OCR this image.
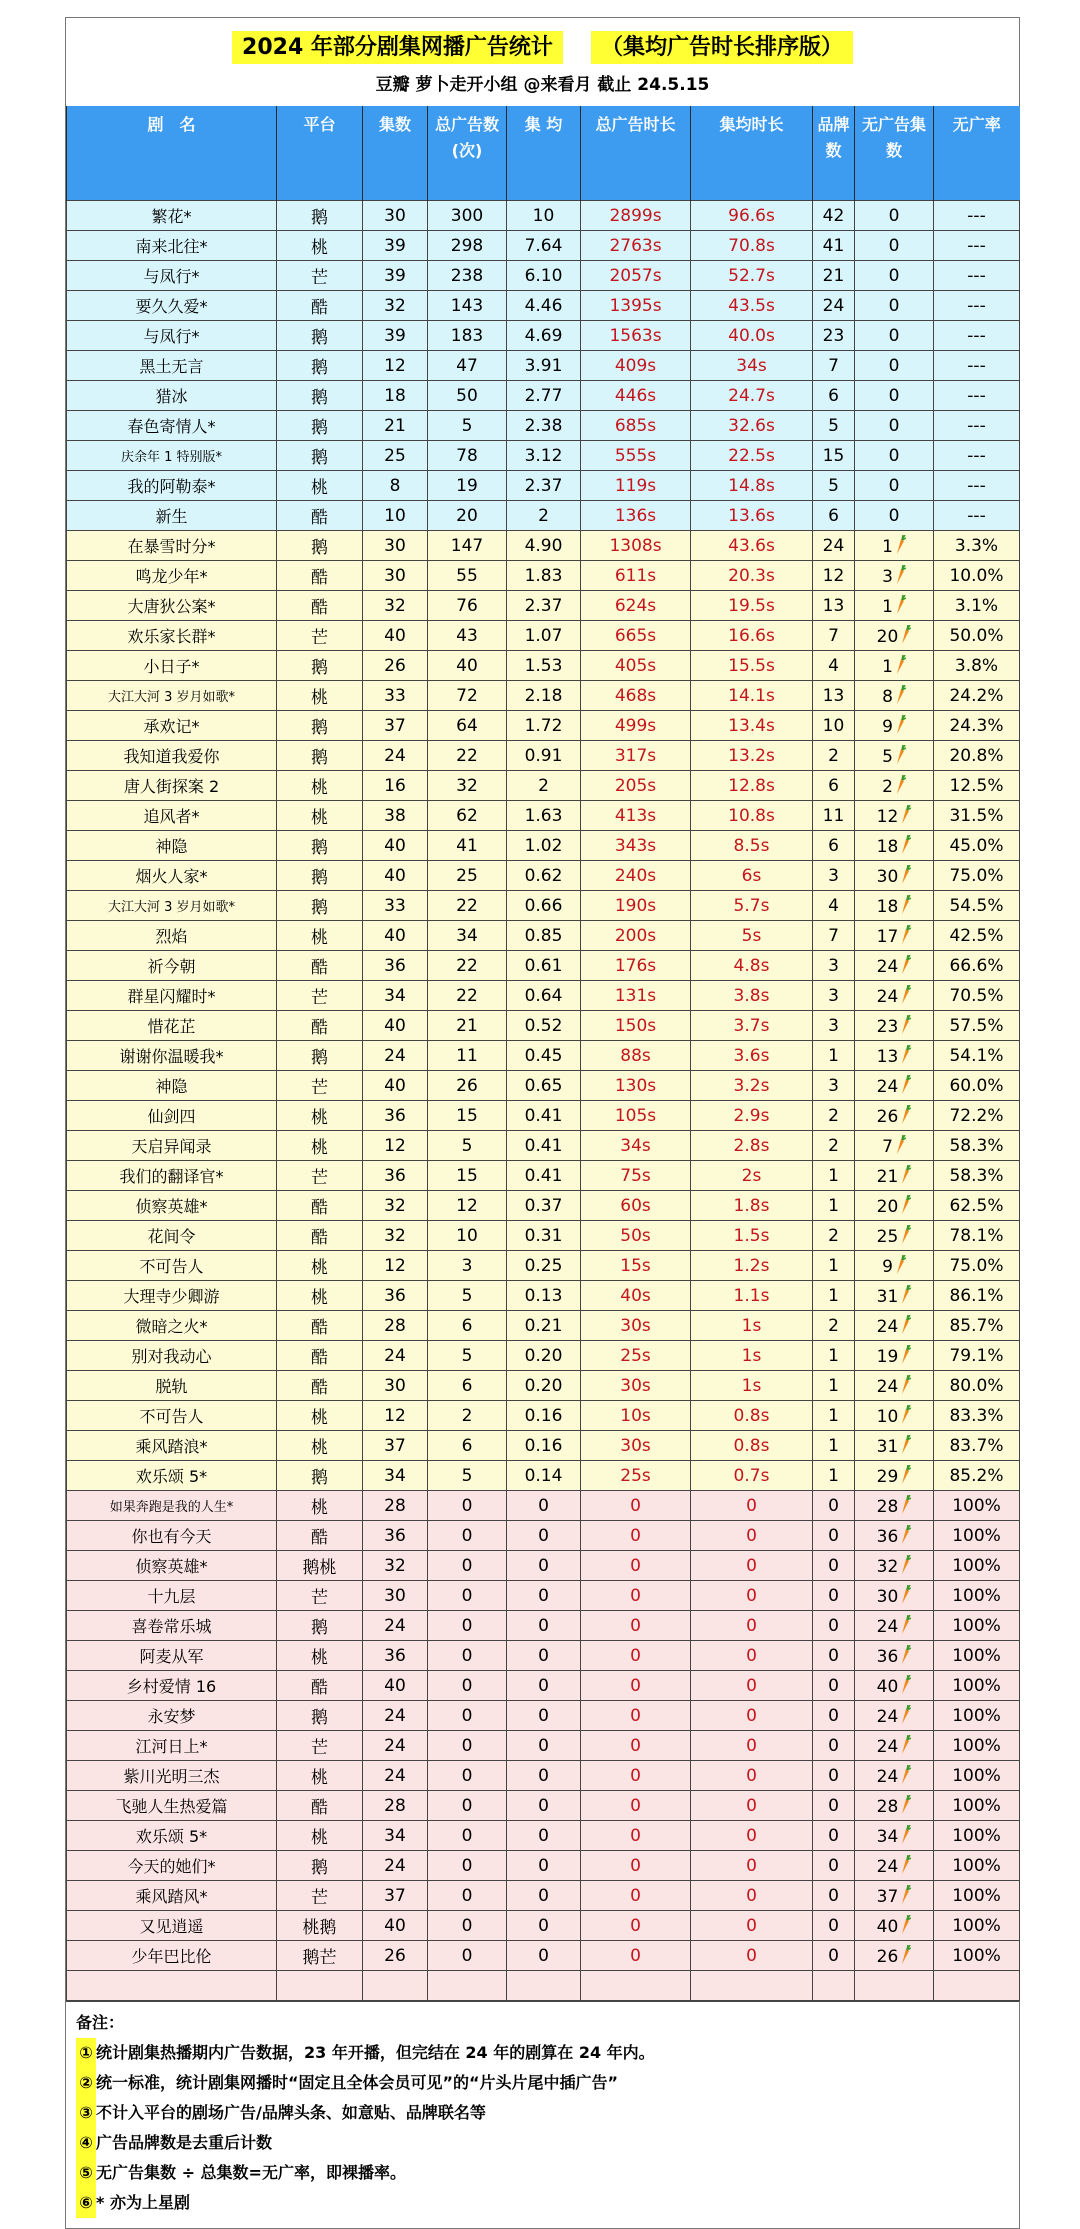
2024 年部分剧集网播广告统计 （集均广告时长排序版）
豆瓣 萝卜走开小组 @来看月 截止 24.5.15
剧　名	平台	集数	总广告数(次)	集 均	总广告时长	集均时长	品牌数	无广告集数	无广率
繁花*	鹅	30	300	10	2899s	96.6s	42	0	---
南来北往*	桃	39	298	7.64	2763s	70.8s	41	0	---
与凤行*	芒	39	238	6.10	2057s	52.7s	21	0	---
要久久爱*	酷	32	143	4.46	1395s	43.5s	24	0	---
与凤行*	鹅	39	183	4.69	1563s	40.0s	23	0	---
黑土无言	鹅	12	47	3.91	409s	34s	7	0	---
猎冰	鹅	18	50	2.77	446s	24.7s	6	0	---
春色寄情人*	鹅	21	5	2.38	685s	32.6s	5	0	---
庆余年 1 特别版*	鹅	25	78	3.12	555s	22.5s	15	0	---
我的阿勒泰*	桃	8	19	2.37	119s	14.8s	5	0	---
新生	酷	10	20	2	136s	13.6s	6	0	---
在暴雪时分*	鹅	30	147	4.90	1308s	43.6s	24	1	3.3%
鸣龙少年*	酷	30	55	1.83	611s	20.3s	12	3	10.0%
大唐狄公案*	酷	32	76	2.37	624s	19.5s	13	1	3.1%
欢乐家长群*	芒	40	43	1.07	665s	16.6s	7	20	50.0%
小日子*	鹅	26	40	1.53	405s	15.5s	4	1	3.8%
大江大河 3 岁月如歌*	桃	33	72	2.18	468s	14.1s	13	8	24.2%
承欢记*	鹅	37	64	1.72	499s	13.4s	10	9	24.3%
我知道我爱你	鹅	24	22	0.91	317s	13.2s	2	5	20.8%
唐人街探案 2	桃	16	32	2	205s	12.8s	6	2	12.5%
追风者*	桃	38	62	1.63	413s	10.8s	11	12	31.5%
神隐	鹅	40	41	1.02	343s	8.5s	6	18	45.0%
烟火人家*	鹅	40	25	0.62	240s	6s	3	30	75.0%
大江大河 3 岁月如歌*	鹅	33	22	0.66	190s	5.7s	4	18	54.5%
烈焰	桃	40	34	0.85	200s	5s	7	17	42.5%
祈今朝	酷	36	22	0.61	176s	4.8s	3	24	66.6%
群星闪耀时*	芒	34	22	0.64	131s	3.8s	3	24	70.5%
惜花芷	酷	40	21	0.52	150s	3.7s	3	23	57.5%
谢谢你温暖我*	鹅	24	11	0.45	88s	3.6s	1	13	54.1%
神隐	芒	40	26	0.65	130s	3.2s	3	24	60.0%
仙剑四	桃	36	15	0.41	105s	2.9s	2	26	72.2%
天启异闻录	桃	12	5	0.41	34s	2.8s	2	7	58.3%
我们的翻译官*	芒	36	15	0.41	75s	2s	1	21	58.3%
侦察英雄*	酷	32	12	0.37	60s	1.8s	1	20	62.5%
花间令	酷	32	10	0.31	50s	1.5s	2	25	78.1%
不可告人	桃	12	3	0.25	15s	1.2s	1	9	75.0%
大理寺少卿游	桃	36	5	0.13	40s	1.1s	1	31	86.1%
微暗之火*	酷	28	6	0.21	30s	1s	2	24	85.7%
别对我动心	酷	24	5	0.20	25s	1s	1	19	79.1%
脱轨	酷	30	6	0.20	30s	1s	1	24	80.0%
不可告人	桃	12	2	0.16	10s	0.8s	1	10	83.3%
乘风踏浪*	桃	37	6	0.16	30s	0.8s	1	31	83.7%
欢乐颂 5*	鹅	34	5	0.14	25s	0.7s	1	29	85.2%
如果奔跑是我的人生*	桃	28	0	0	0	0	0	28	100%
你也有今天	酷	36	0	0	0	0	0	36	100%
侦察英雄*	鹅桃	32	0	0	0	0	0	32	100%
十九层	芒	30	0	0	0	0	0	30	100%
喜卷常乐城	鹅	24	0	0	0	0	0	24	100%
阿麦从军	桃	36	0	0	0	0	0	36	100%
乡村爱情 16	酷	40	0	0	0	0	0	40	100%
永安梦	鹅	24	0	0	0	0	0	24	100%
江河日上*	芒	24	0	0	0	0	0	24	100%
紫川光明三杰	桃	24	0	0	0	0	0	24	100%
飞驰人生热爱篇	酷	28	0	0	0	0	0	28	100%
欢乐颂 5*	桃	34	0	0	0	0	0	34	100%
今天的她们*	鹅	24	0	0	0	0	0	24	100%
乘风踏风*	芒	37	0	0	0	0	0	37	100%
又见逍遥	桃鹅	40	0	0	0	0	0	40	100%
少年巴比伦	鹅芒	26	0	0	0	0	0	26	100%

备注：
① 统计剧集热播期内广告数据，23 年开播，但完结在 24 年的剧算在 24 年内。
② 统一标准，统计剧集网播时“固定且全体会员可见”的“片头片尾中插广告”
③ 不计入平台的剧场广告/品牌头条、如意贴、品牌联名等
④ 广告品牌数是去重后计数
⑤ 无广告集数 ÷ 总集数=无广率，即裸播率。
⑥ * 亦为上星剧
